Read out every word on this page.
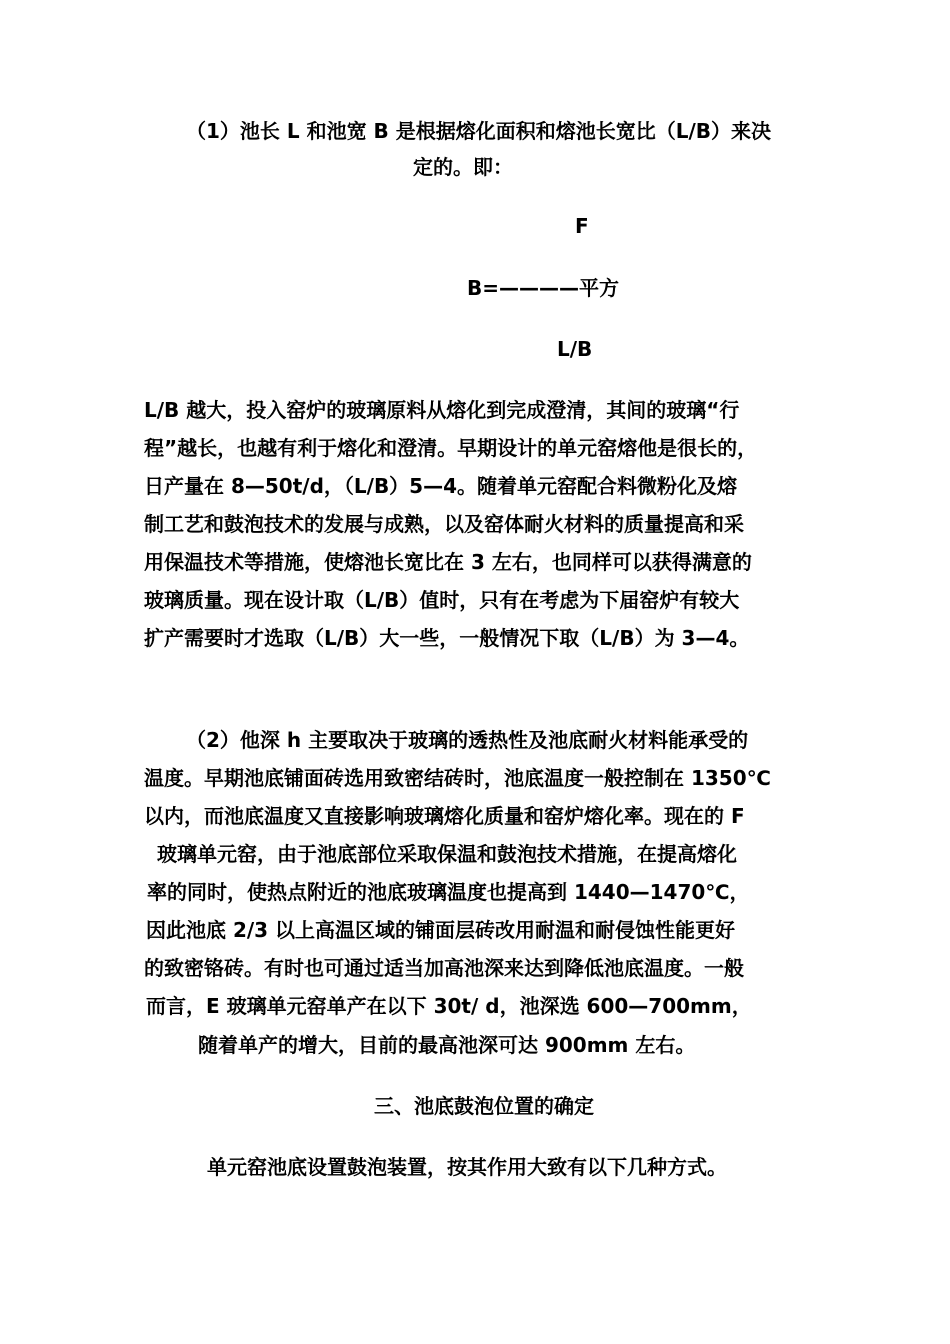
（1）池长 L 和池宽 B 是根据熔化面积和熔池长宽比（L/B）来决
定的。即：
F
B=————平方
L/B
L/B 越大，投入窑炉的玻璃原料从熔化到完成澄清，其间的玻璃“行
程”越长，也越有利于熔化和澄清。早期设计的单元窑熔他是很长的，
日产量在 8—50t/d，（L/B）5—4。随着单元窑配合料微粉化及熔
制工艺和鼓泡技术的发展与成熟，以及窑体耐火材料的质量提高和采
用保温技术等措施，使熔池长宽比在 3 左右，也同样可以获得满意的
玻璃质量。现在设计取（L/B）值时，只有在考虑为下届窑炉有较大
扩产需要时才选取（L/B）大一些，一般情况下取（L/B）为 3—4。
（2）他深 h 主要取决于玻璃的透热性及池底耐火材料能承受的
温度。早期池底铺面砖选用致密结砖时，池底温度一般控制在 1350℃
以内，而池底温度又直接影响玻璃熔化质量和窑炉熔化率。现在的 F
玻璃单元窑，由于池底部位采取保温和鼓泡技术措施，在提高熔化
率的同时，使热点附近的池底玻璃温度也提高到 1440—1470℃，
因此池底 2/3 以上高温区域的铺面层砖改用耐温和耐侵蚀性能更好
的致密铬砖。有时也可通过适当加高池深来达到降低池底温度。一般
而言，E 玻璃单元窑单产在以下 30t/ d，池深选 600—700mm，
随着单产的增大，目前的最高池深可达 900mm 左右。
三、池底鼓泡位置的确定
单元窑池底设置鼓泡装置，按其作用大致有以下几种方式。
